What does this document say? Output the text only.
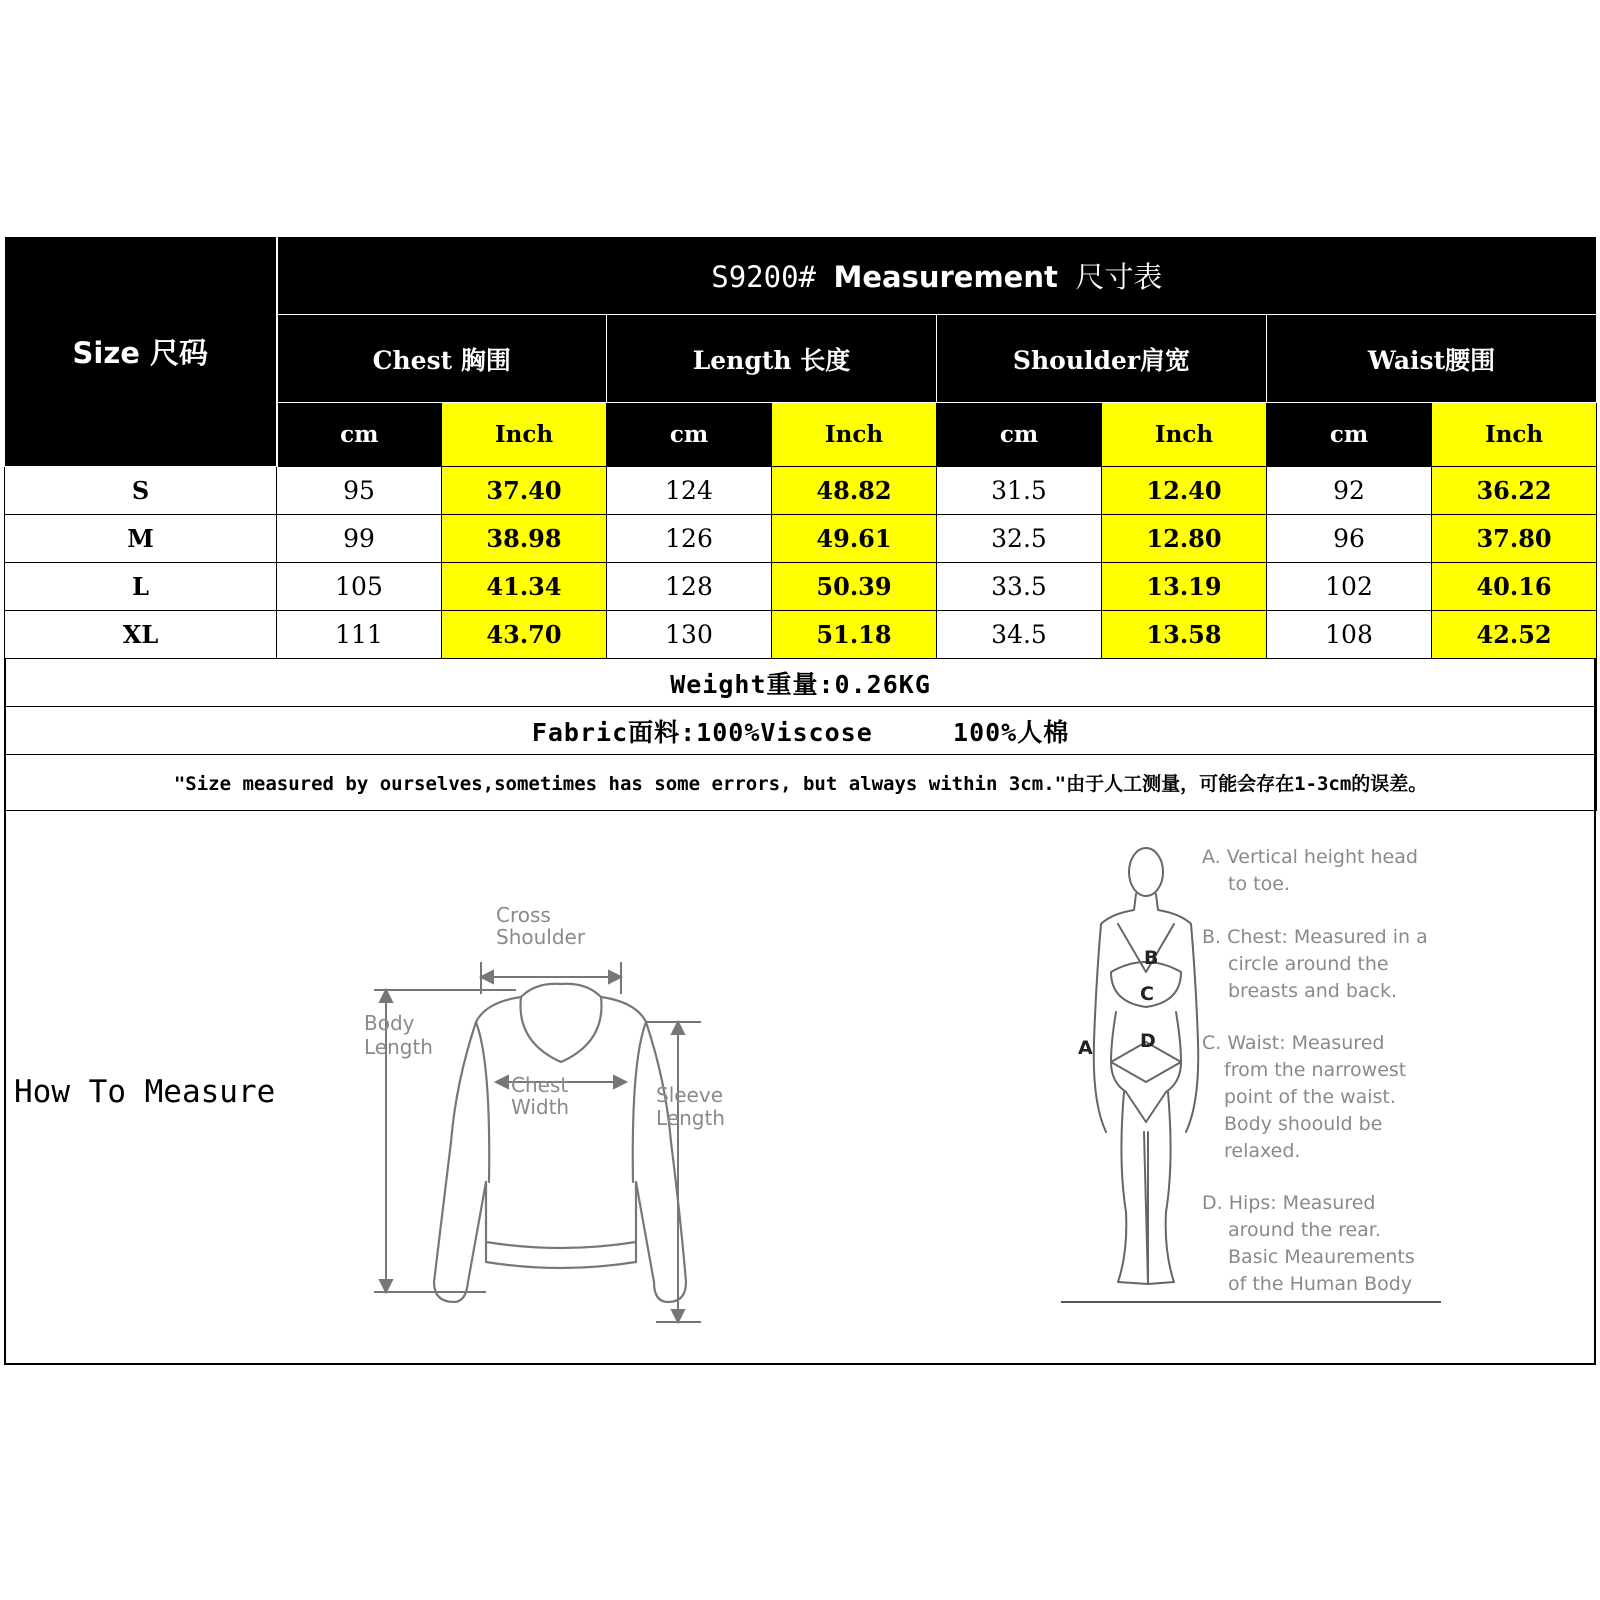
Size 尺码	S9200# Measurement 尺寸表							
	Chest 胸围		Length 长度		Shoulder肩宽		Waist腰围	
	cm	Inch	cm	Inch	cm	Inch	cm	Inch
S	95	37.40	124	48.82	31.5	12.40	92	36.22
M	99	38.98	126	49.61	32.5	12.80	96	37.80
L	105	41.34	128	50.39	33.5	13.19	102	40.16
XL	111	43.70	130	51.18	34.5	13.58	108	42.52
Weight重量:0.26KG								
Fabric面料:100%Viscose 100%人棉								
"Size measured by ourselves,sometimes has some errors, but always within 3cm."由于人工测量，可能会存在1-3cm的误差。								
How To Measure
Cross
Shoulder
Body
Length
Chest
Width	Sleeve
Length
B
C
D
A
A. Vertical height head
to toe.
B. Chest: Measured in a
circle around the
breasts and back.
C. Waist: Measured
from the narrowest
point of the waist.
Body shoould be
relaxed.
D. Hips: Measured
around the rear.
Basic Meaurements
of the Human Body
